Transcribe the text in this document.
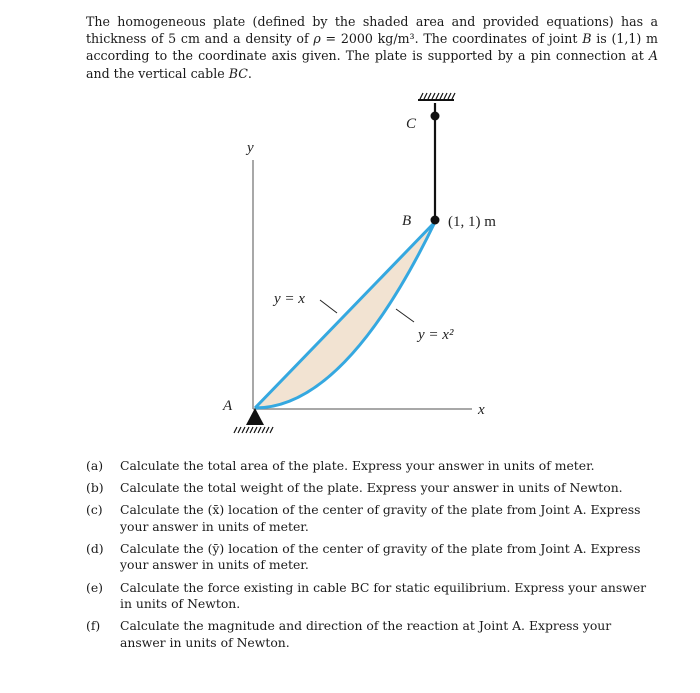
The homogeneous plate (defined by the shaded area and provided equations) has a thickness of 5 cm and a density of ρ = 2000 kg/m³. The coordinates of joint B is (1,1) m according to the coordinate axis given. The plate is supported by a pin connection at A and the vertical cable BC.

y
x
A
B
C
(1, 1) m
y = x
y = x²
(a)	Calculate the total area of the plate. Express your answer in units of meter.
(b)	Calculate the total weight of the plate. Express your answer in units of Newton.
(c)	Calculate the (x̄) location of the center of gravity of the plate from Joint A. Express your answer in units of meter.
(d)	Calculate the (ȳ) location of the center of gravity of the plate from Joint A. Express your answer in units of meter.
(e)	Calculate the force existing in cable BC for static equilibrium. Express your answer in units of Newton.
(f)	Calculate the magnitude and direction of the reaction at Joint A. Express your answer in units of Newton.
